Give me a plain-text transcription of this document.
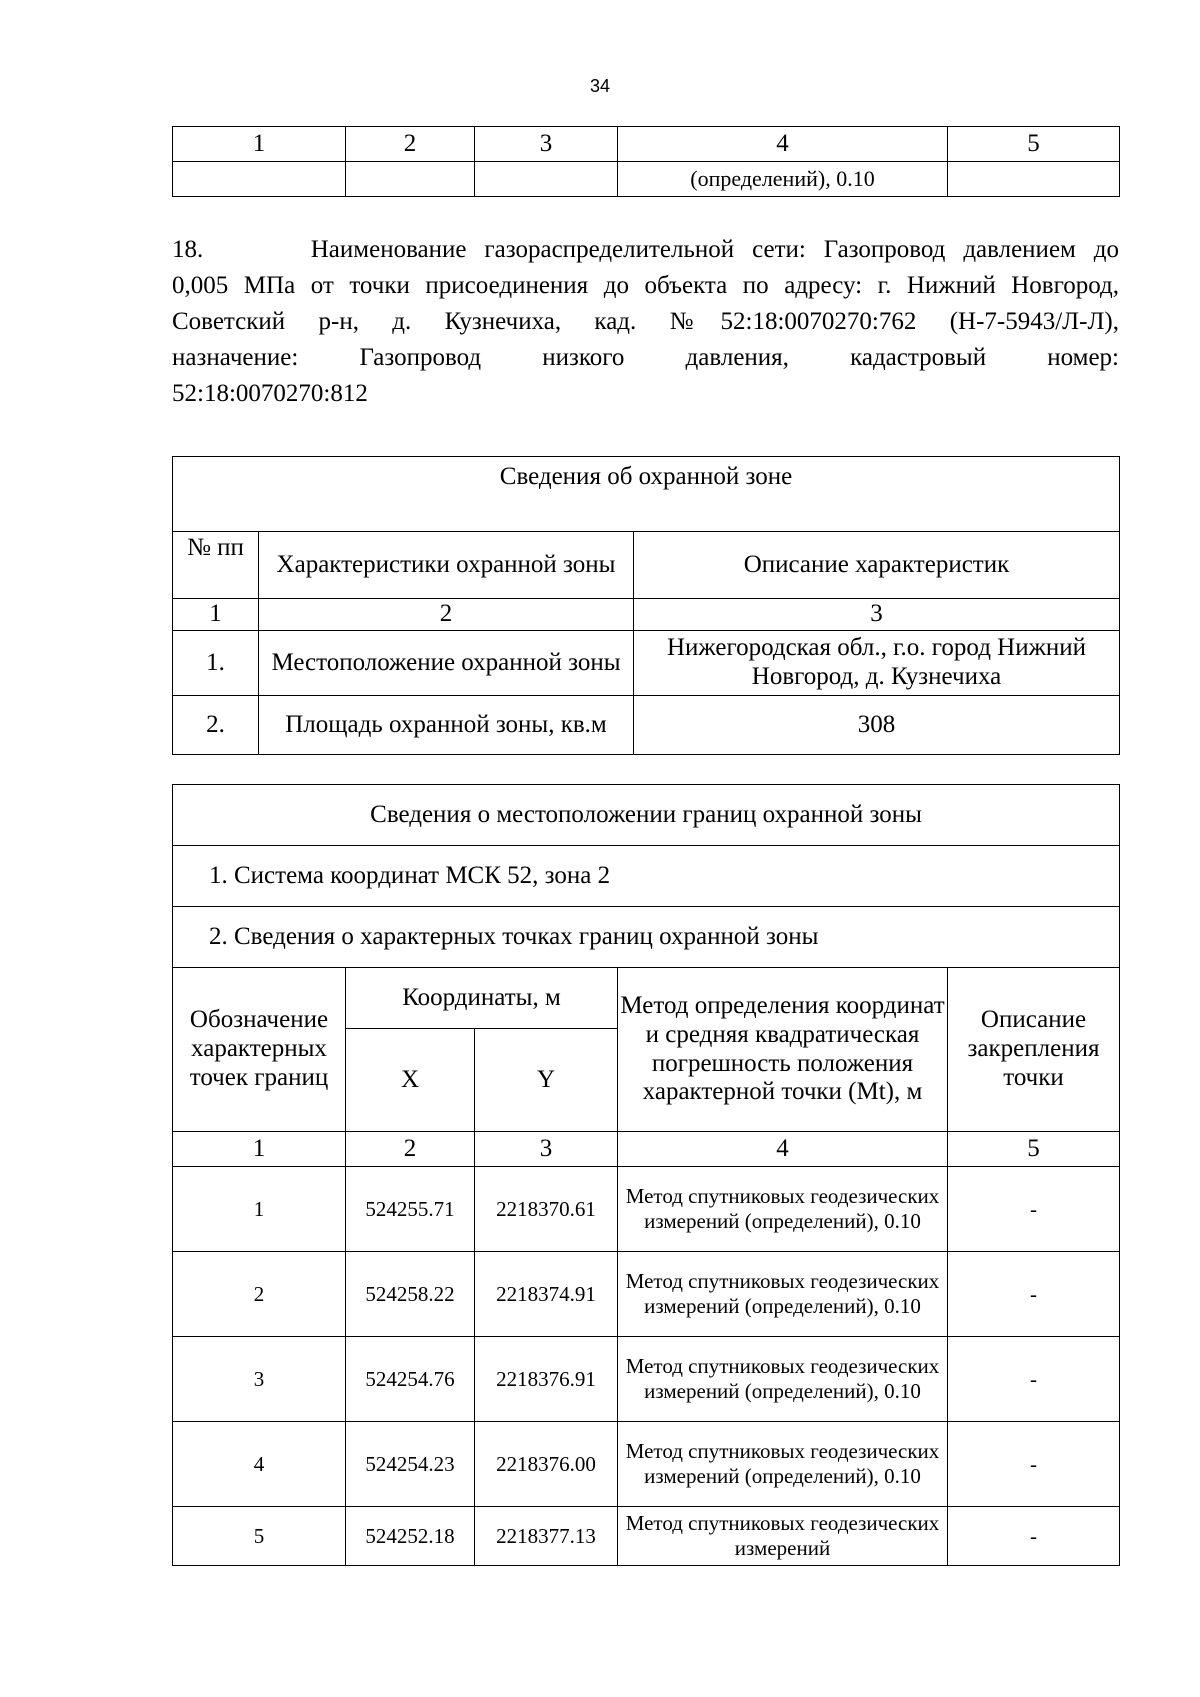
34
1	2	3	4	5
			(определений), 0.10	

18.      Наименование газораспределительной сети: Газопровод давлением до

0,005 МПа от точки присоединения до объекта по адресу: г. Нижний Новгород,

Советский р-н, д. Кузнечиха, кад. №52:18:0070270:762 (Н-7-5943/Л-Л),

назначение: Газопровод низкого давления, кадастровый номер:

52:18:0070270:812

Сведения об охранной зоне		
№ пп	Характеристики охранной зоны	Описание характеристик
1	2	3
1.	Местоположение охранной зоны	Нижегородская обл., г.о. город Нижний Новгород, д. Кузнечиха
2.	Площадь охранной зоны, кв.м	308
Сведения о местоположении границ охранной зоны				
1. Система координат МСК 52, зона 2				
2. Сведения о характерных точках границ охранной зоны				
Обозначение характерных точек границ	Координаты, м		Метод определения координат и средняя квадратическая погрешность положения характерной точки (Mt), м	Описание закрепления точки
	X	Y		
1	2	3	4	5
1	524255.71	2218370.61	Метод спутниковых геодезических измерений (определений), 0.10	-
2	524258.22	2218374.91	Метод спутниковых геодезических измерений (определений), 0.10	-
3	524254.76	2218376.91	Метод спутниковых геодезических измерений (определений), 0.10	-
4	524254.23	2218376.00	Метод спутниковых геодезических измерений (определений), 0.10	-
5	524252.18	2218377.13	Метод спутниковых геодезических измерений	-
